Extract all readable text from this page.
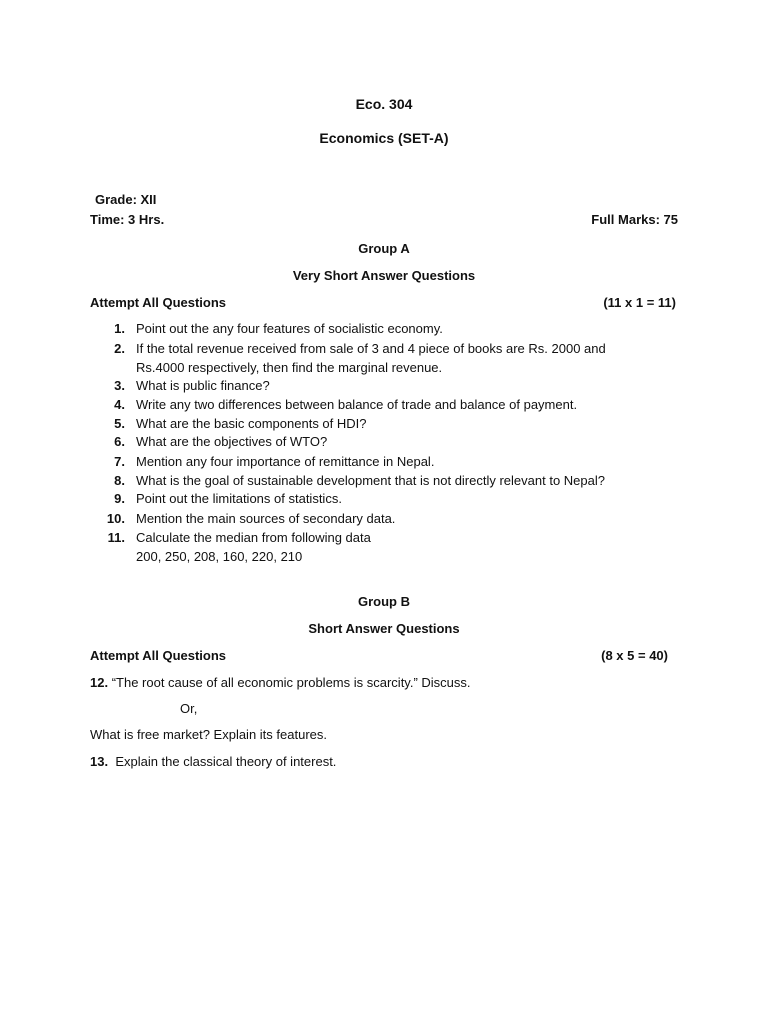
Eco. 304
Economics (SET-A)
Grade: XII
Time: 3 Hrs.	Full Marks: 75
Group A
Very Short Answer Questions
Attempt All Questions	(11 x 1 = 11)
1. Point out the any four features of socialistic economy.
2. If the total revenue received from sale of 3 and 4 piece of books are Rs. 2000 and
Rs.4000 respectively, then find the marginal revenue.
3. What is public finance?
4. Write any two differences between balance of trade and balance of payment.
5. What are the basic components of HDI?
6. What are the objectives of WTO?
7. Mention any four importance of remittance in Nepal.
8. What is the goal of sustainable development that is not directly relevant to Nepal?
9. Point out the limitations of statistics.
10. Mention the main sources of secondary data.
11. Calculate the median from following data
200, 250, 208, 160, 220, 210
Group B
Short Answer Questions
Attempt All Questions	(8 x 5 = 40)
12. “The root cause of all economic problems is scarcity.” Discuss.
Or,
What is free market? Explain its features.
13. Explain the classical theory of interest.
